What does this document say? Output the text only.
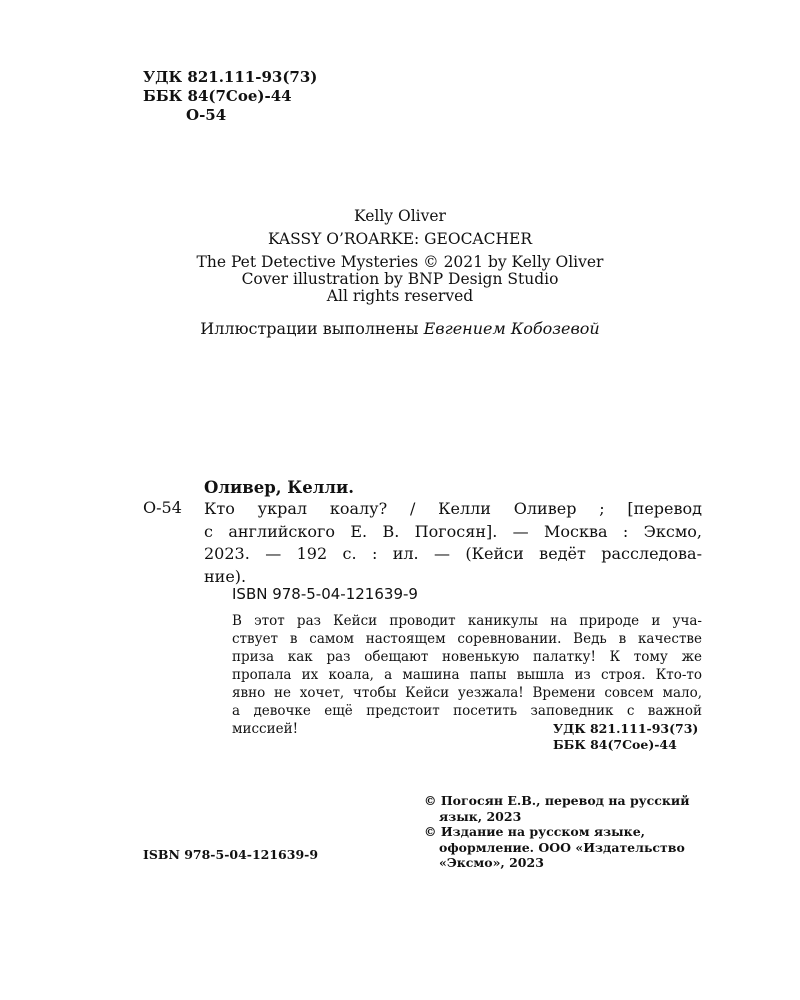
УДК 821.111-93(73)
ББК 84(7Сое)-44
О-54
Kelly Oliver
KASSY O’ROARKE: GEOCACHER
The Pet Detective Mysteries © 2021 by Kelly Oliver
Cover illustration by BNP Design Studio
All rights reserved
Иллюстрации выполнены Евгением Кобозевой
Оливер, Келли.
О-54 Кто украл коалу? / Келли Оливер ; [перевод
с английского Е. В. Погосян]. — Москва : Эксмо,
2023. — 192 с. : ил. — (Кейси ведёт расследова-
ние).
ISBN 978-5-04-121639-9
В этот раз Кейси проводит каникулы на природе и уча-
ствует в самом настоящем соревновании. Ведь в качестве
приза как раз обещают новенькую палатку! К тому же
пропала их коала, а машина папы вышла из строя. Кто-то
явно не хочет, чтобы Кейси уезжала! Времени совсем мало,
а девочке ещё предстоит посетить заповедник с важной
миссией!	УДК 821.111-93(73)
ББК 84(7Сое)-44
ISBN 978-5-04-121639-9
© Погосян Е.В., перевод на русский
язык, 2023
© Издание на русском языке,
оформление. ООО «Издательство
«Эксмо», 2023
